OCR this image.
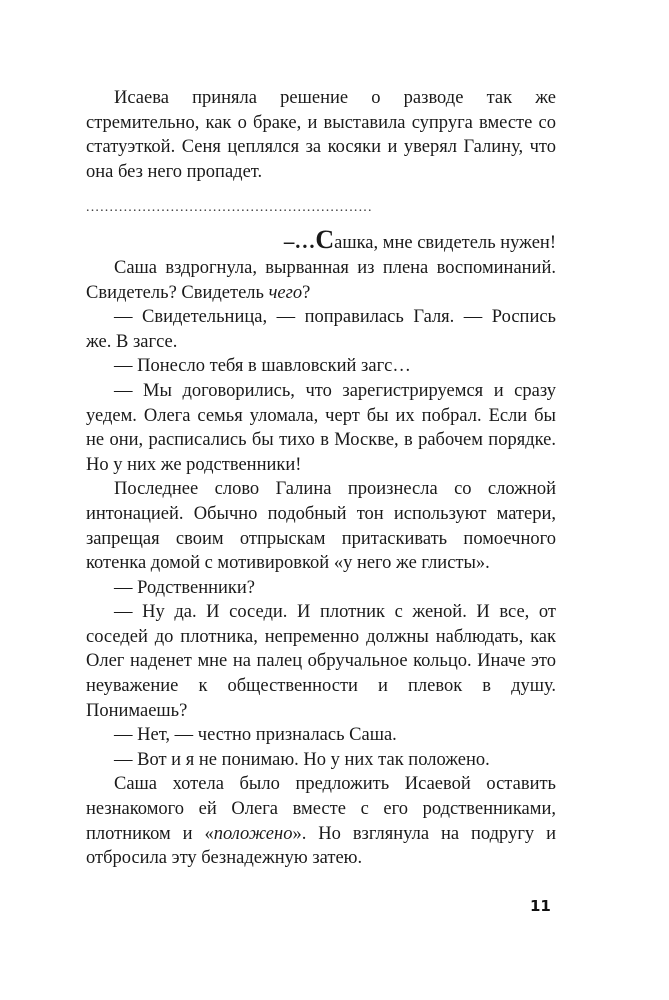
Исаева приняла решение о разводе так же стремительно, как о браке, и выставила супруга вместе со статуэткой. Сеня цеплялся за косяки и уверял Галину, что она без него пропадет.

.............................................................

–…Сашка, мне свидетель нужен!

Саша вздрогнула, вырванная из плена воспоминаний. Свидетель? Свидетель чего?

— Свидетельница, — поправилась Галя. — Роспись же. В загсе.

— Понесло тебя в шавловский загс…

— Мы договорились, что зарегистрируемся и сразу уедем. Олега семья уломала, черт бы их побрал. Если бы не они, расписались бы тихо в Москве, в рабочем порядке. Но у них же родственники!

Последнее слово Галина произнесла со сложной интонацией. Обычно подобный тон используют матери, запрещая своим отпрыскам притаскивать помоечного котенка домой с мотивировкой «у него же глисты».

— Родственники?

— Ну да. И соседи. И плотник с женой. И все, от соседей до плотника, непременно должны наблюдать, как Олег наденет мне на палец обручальное кольцо. Иначе это неуважение к общественности и плевок в душу. Понимаешь?

— Нет, — честно призналась Саша.

— Вот и я не понимаю. Но у них так положено.

Саша хотела было предложить Исаевой оставить незнакомого ей Олега вместе с его родственниками, плотником и «положено». Но взглянула на подругу и отбросила эту безнадежную затею.

11
